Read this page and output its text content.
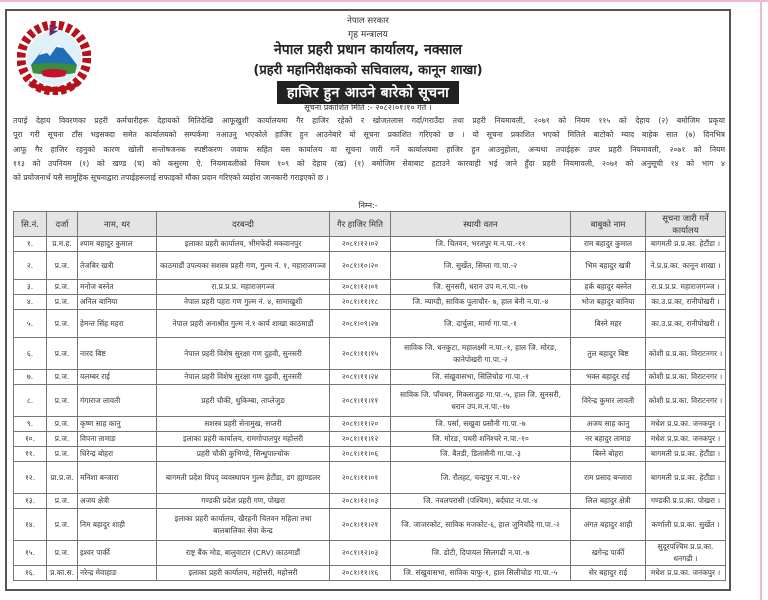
नेपाल सरकार
गृह मन्त्रालय
नेपाल प्रहरी प्रधान कार्यालय, नक्साल
(प्रहरी महानिरीक्षकको सचिवालय, कानून शाखा)
हाजिर हुन आउने बारेको सूचना
सूचना प्रकाशित मिति :- २०८२।०१।१० गते ।
तपाई देहाय विवरणका प्रहरी कर्मचारीहरू देहायको मितिदेखि आफूखुशी कार्यालयमा गैर हाजिर रहेको र खोजतलास गर्दा/गराउँदा तथा प्रहरी नियमावली, २०७१ को नियम ११५ को देहाय (२) बमोजिम प्रकृया
पूरा गरी सूचना टाँस भइसक्दा समेत कार्यालयको सम्पर्कमा नआउनु भएकोले हाजिर हुन आउनेबारे यो सूचना प्रकाशित गरिएको छ । यो सूचना प्रकाशित भएको मितिले बाटोको म्याद बाहेक सात (७) दिनभित्र
आफू गैर हाजिर रहनुको कारण खोली सन्तोषजनक स्पष्टीकरण जवाफ सहित यस कार्यालय वा सूचना जारी गर्ने कार्यालयमा हाजिर हुन आउनुहोला, अन्यथा तपाईहरू उपर प्रहरी नियमावली, २०७१ को नियम
११३ को उपनियम (१) को खण्ड (च) को कसुरमा ऐ. नियमावलीको नियम १०९ को देहाय (ख) (१) बमोजिम सेवाबाट हटाउने कारवाही भई जाने हुँदा प्रहरी नियमावली, २०७१ को अनुसूची १४ को भाग ४
को प्रयोजनार्थ यसै सामूहिक सूचनाद्वारा तपाईहरूलाई सफाइको मौका प्रदान गरिएको व्यहोरा जानकारी गराइएको छ ।
निम्न:-
सि.नं.	दर्जा	नाम, थर	दरबन्दी	गैर हाजिर मिति	स्थायी वतन	बाबुको नाम	सूचना जारी गर्ने कार्यालय
१.	प्र.म.ह.	श्याम बहादुर कुमाल	इलाका प्रहरी कार्यालय, भीमफेदी मकवानपुर	२०८१।१२।०२	जि. चितवन, भरतपुर म.न.पा.-११	राम बहादुर कुमाल	बागमती प्र.प्र.का. हेटौंडा ।
२.	प्र.ज.	तेजबिर खत्री	काठमाडौं उपत्यका सशस्त्र प्रहरी गण, गुल्म नं. १, महाराजगञ्ज	२०८१।१०।२०	जि. सुर्खेत, सिम्ता गा.पा.-२	भिम बहादुर खत्री	ने.प्र.प्र.का. कानून शाखा ।
३.	प्र.ज.	मनोज बस्नेत	रा.प्र.प्र.प्र. महाराजगञ्ज	२०८१।१२।०१	जि. सुनसरी, धरान उप म.न.पा.-१७	हर्क बहादुर बस्नेत	रा.प्र.प्र.प्र. महाराजगञ्ज ।
४.	प्र.ज.	अनिल बानिया	नेपाल प्रहरी पहरा गण गुल्म नं. ४, सामाखुशी	२०८१।११।१८	जि. म्याग्दी, साविक पुलाचौर- ७, हाल बेनी न.पा.-४	भोज बहादुर बानिया	का.उ.प्र.का, रानीपोखरी ।
५.	प्र.ज.	हेमन्त सिंह महरा	नेपाल प्रहरी अनाश्रीत गुल्म नं.१ कार्य शाखा काठमाडौं	२०८१।०९।२७	जि. दार्चुला, मार्मा गा.पा.-१	बिस्ने महर	का.उ.प्र.का, रानीपोखरी ।
६.	प्र.ज.	नारद बिष्ट	नेपाल प्रहरी विशेष सुरक्षा गण दुहवी, सुनसरी	२०८१।११।१५	साविक जि. धनकुटा, महालक्ष्मी न.पा.-१, हाल जि. मोरङ, कानेपोखरी गा.पा.-२	तुल बहादुर बिष्ट	कोशी प्र.प्र.का. विराटनगर ।
७.	प्र.ज.	यलम्बर राई	नेपाल प्रहरी विशेष सुरक्षा गण दुहवी, सुनसरी	२०८१।११।२४	जि. संखुवासभा, सिलिचोङ गा.पा.-१	भक्त बहादुर राई	कोशी प्र.प्र.का. विराटनगर ।
८.	प्र.ज.	गंगाराज लावती	प्रहरी चौकी, थुकिम्बा, ताप्लेजुङ	२०८१।११।११	साविक जि. पाँचथर, मिक्लाजुङ गा.पा.-५, हाल जि. सुनसरी, धरान उप.म.न.पा.-१७	विरेन्द्र कुमार लावती	कोशी प्र.प्र.का. विराटनगर ।
९.	प्र.ज.	कृष्ण साह कानु	सशस्त्र प्रहरी सेनामुख, सप्तरी	२०८१।११।२०	जि. पर्सा, सखुवा प्रसौनी गा.पा.-७	अजय साह कानु	मधेश प्र.प्र.का. जनकपुर ।
१०.	प्र.ज.	विपना तामाङ	इलाका प्रहरी कार्यालय, रामगोपालपुर महोत्तरी	२०८१।११।१२	जि. मोरङ, पथरी शनिश्चरे न.पा.-१०	नर बहादुर तामाङ	मधेश प्र.प्र.का. जनकपुर ।
११.	प्र.ज.	धिरेन्द्र बोहरा	प्रहरी चौकी कुभिण्डे, सिन्धुपाल्चोक	२०८१।११।०६	जि. बैतडी, डिलासैनी गा.पा.-३	बिस्ने बोहरा	बागमती प्र.प्र.का. हेटौंडा ।
१२.	प्रा.प्र.ज.	मनिशा बन्जारा	बागमती प्रदेश विपद् व्यवस्थापन गुल्म हेटौंडा, डग ह्याण्डलर	२०८१।११।०१	जि. रौतहट, चन्द्रपुर न.पा.-१२	राम प्रसाद बन्जारा	बागमती प्र.प्र.का. हेटौंडा ।
१३.	प्र.ज.	अजय क्षेत्री	गण्डकी प्रदेश प्रहरी गण, पोखरा	२०८१।१२।०३	जि. नवलपरासी (पश्चिम), बर्दघाट न.पा.-४	लिल बहादुर क्षेत्री	गण्डकी प्र.प्र.का. पोखरा ।
१४.	प्र.ज.	निम बहादुर शाही	इलाका प्रहरी कार्यालय, खैरहनी चितवन महिला तथा बालबालिका सेवा केन्द्र	२०८१।११।२१	जि. जाजरकोट, साविक मजकोट-६, हाल जुनिचाँदे गा.पा.-२	अंगत बहादुर शाही	कर्णाली प्र.प्र.का. सुर्खेत ।
१५.	प्र.ज.	इश्वर पार्की	राष्ट्र बैंक मोड, बालुवाटार (CRV) काठमाडौं	२०८१।१२।०३	जि. डोटी, दिपायल सिलगढी न.पा.-७	खगेन्द्र पार्की	सुदूरपश्चिम प्र.प्र.का. धनगढी ।
१६.	प्र.का.स.	नरेन्द्र मेवाहाङ	इलाका प्रहरी कार्यालय, महोत्तरी, महोत्तरी	२०८१।११।१६	जि. संखुवासभा, साविक याफु-१, हाल सिलीचोङ गा.पा.-५	सेर बहादुर राई	मधेश प्र.प्र.का. जनकपुर ।
